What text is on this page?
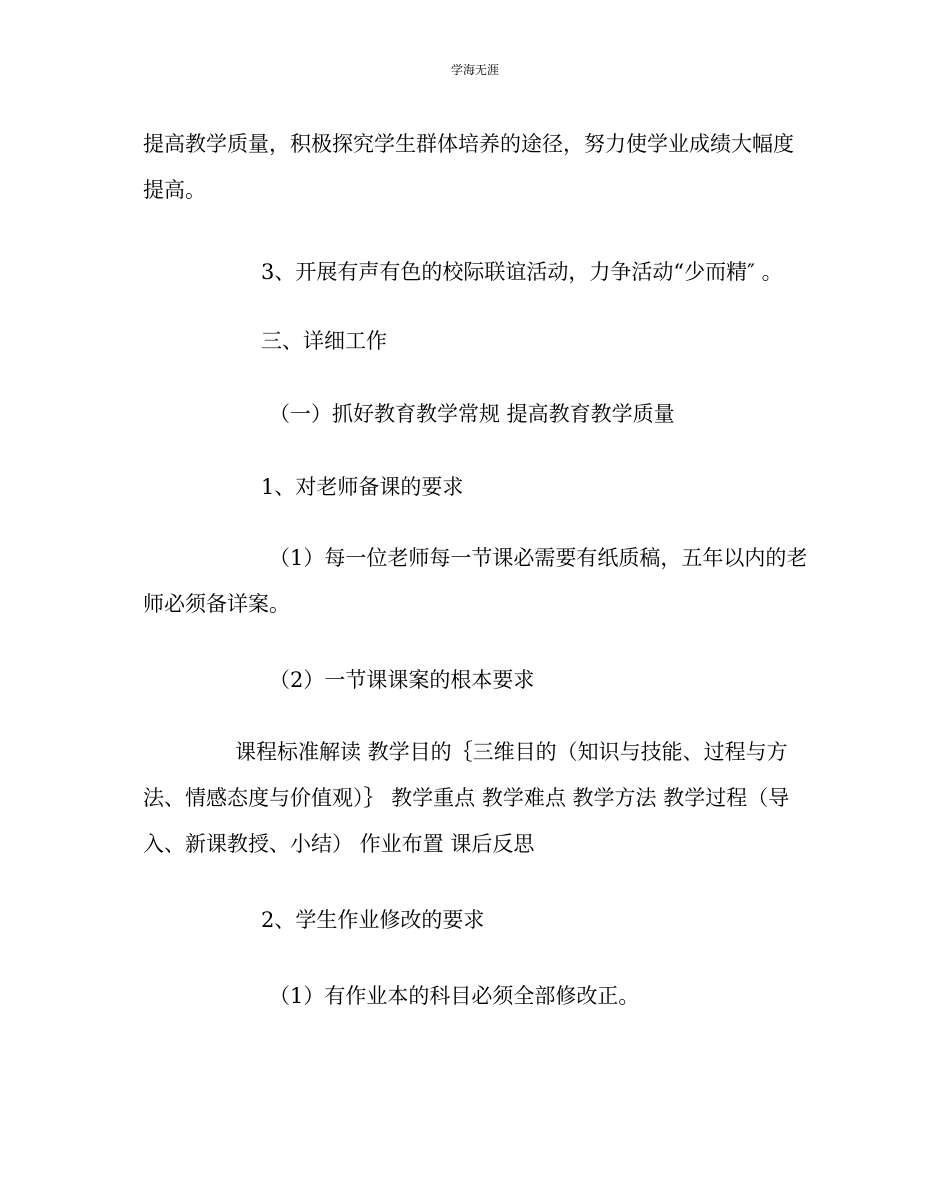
学海无涯

提高教学质量，积极探究学生群体培养的途径，努力使学业成绩大幅度提高。

3、开展有声有色的校际联谊活动，力争活动“少而精″ 。

三、详细工作

（一）抓好教育教学常规 提高教育教学质量

1、对老师备课的要求

（1）每一位老师每一节课必需要有纸质稿，五年以内的老师必须备详案。

（2）一节课课案的根本要求

课程标准解读 教学目的｛三维目的（知识与技能、过程与方法、情感态度与价值观）｝ 教学重点 教学难点 教学方法 教学过程（导入、新课教授、小结） 作业布置 课后反思

2、学生作业修改的要求

（1）有作业本的科目必须全部修改正。
